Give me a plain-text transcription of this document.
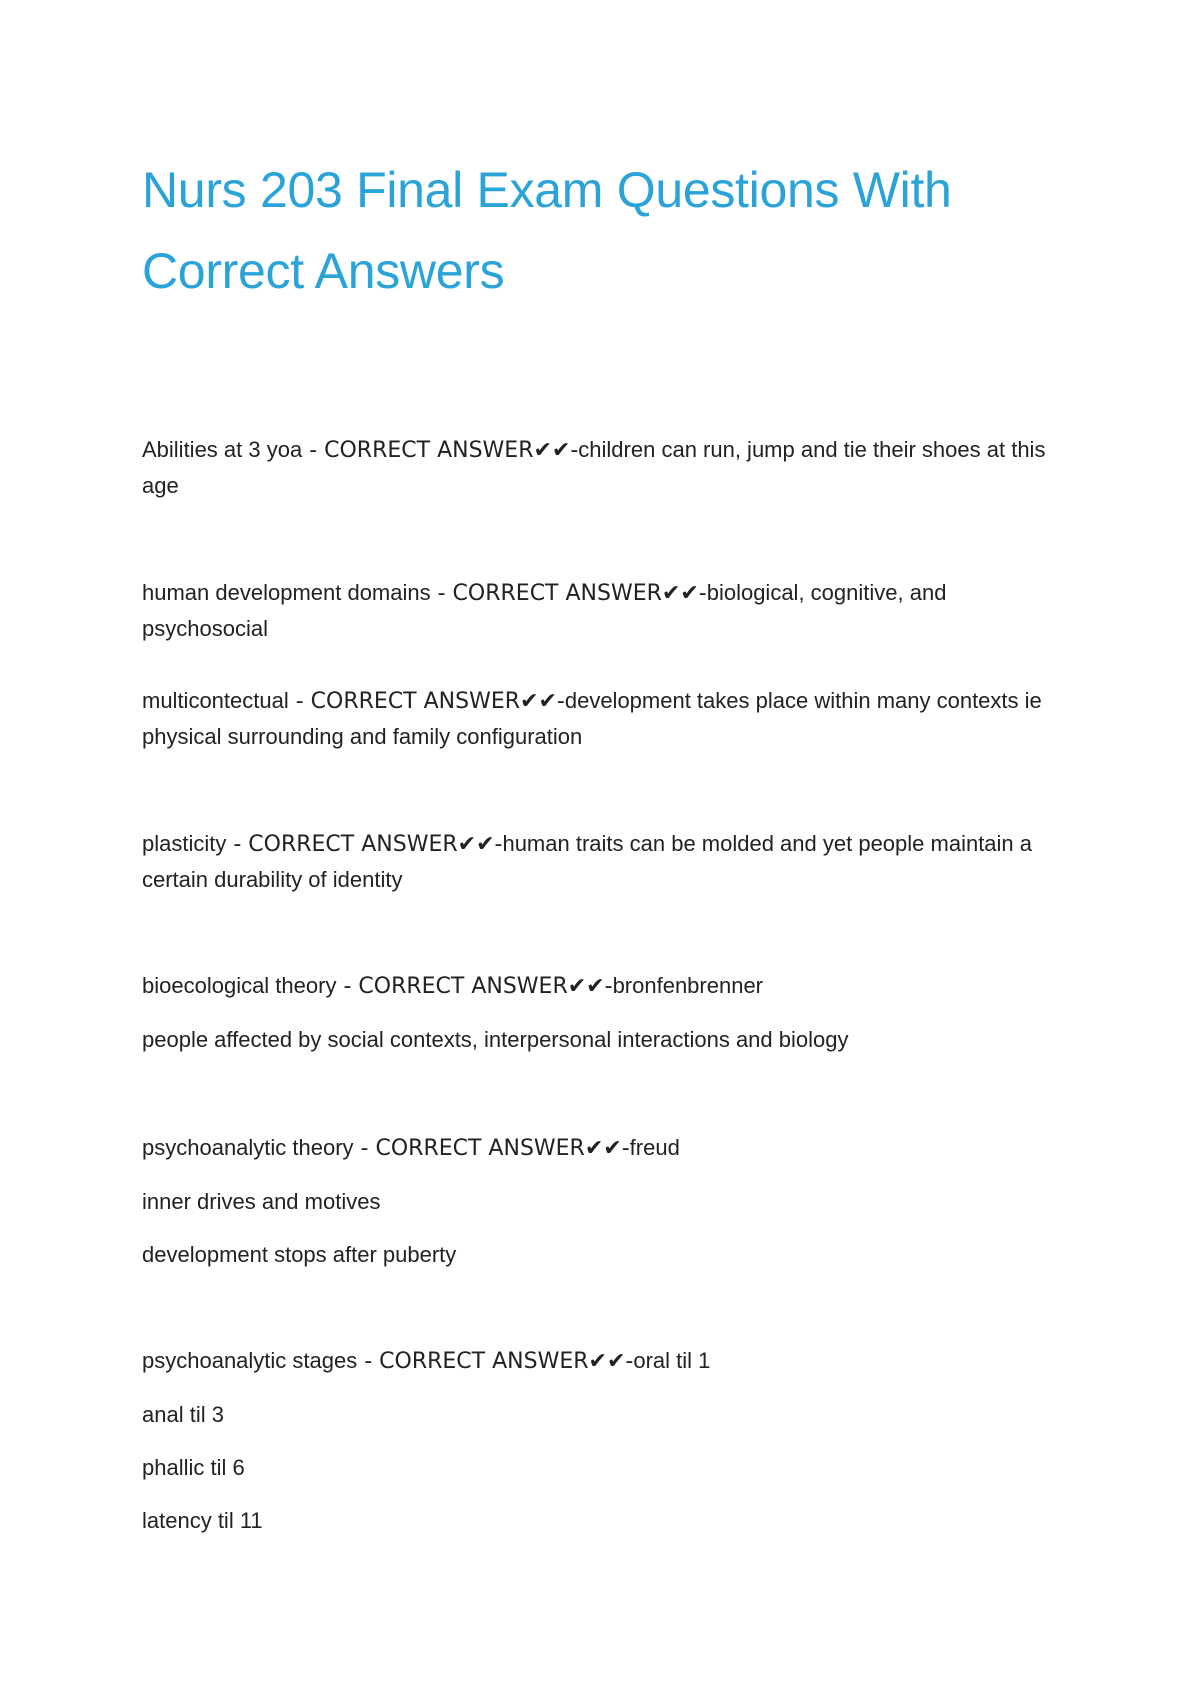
Nurs 203 Final Exam Questions With Correct Answers

Abilities at 3 yoa - CORRECT ANSWER✔✔-children can run, jump and tie their shoes at this age

human development domains - CORRECT ANSWER✔✔-biological, cognitive, and psychosocial

multicontectual - CORRECT ANSWER✔✔-development takes place within many contexts ie physical surrounding and family configuration

plasticity - CORRECT ANSWER✔✔-human traits can be molded and yet people maintain a certain durability of identity

bioecological theory - CORRECT ANSWER✔✔-bronfenbrenner

people affected by social contexts, interpersonal interactions and biology

psychoanalytic theory - CORRECT ANSWER✔✔-freud

inner drives and motives

development stops after puberty

psychoanalytic stages - CORRECT ANSWER✔✔-oral til 1

anal til 3

phallic til 6

latency til 11
